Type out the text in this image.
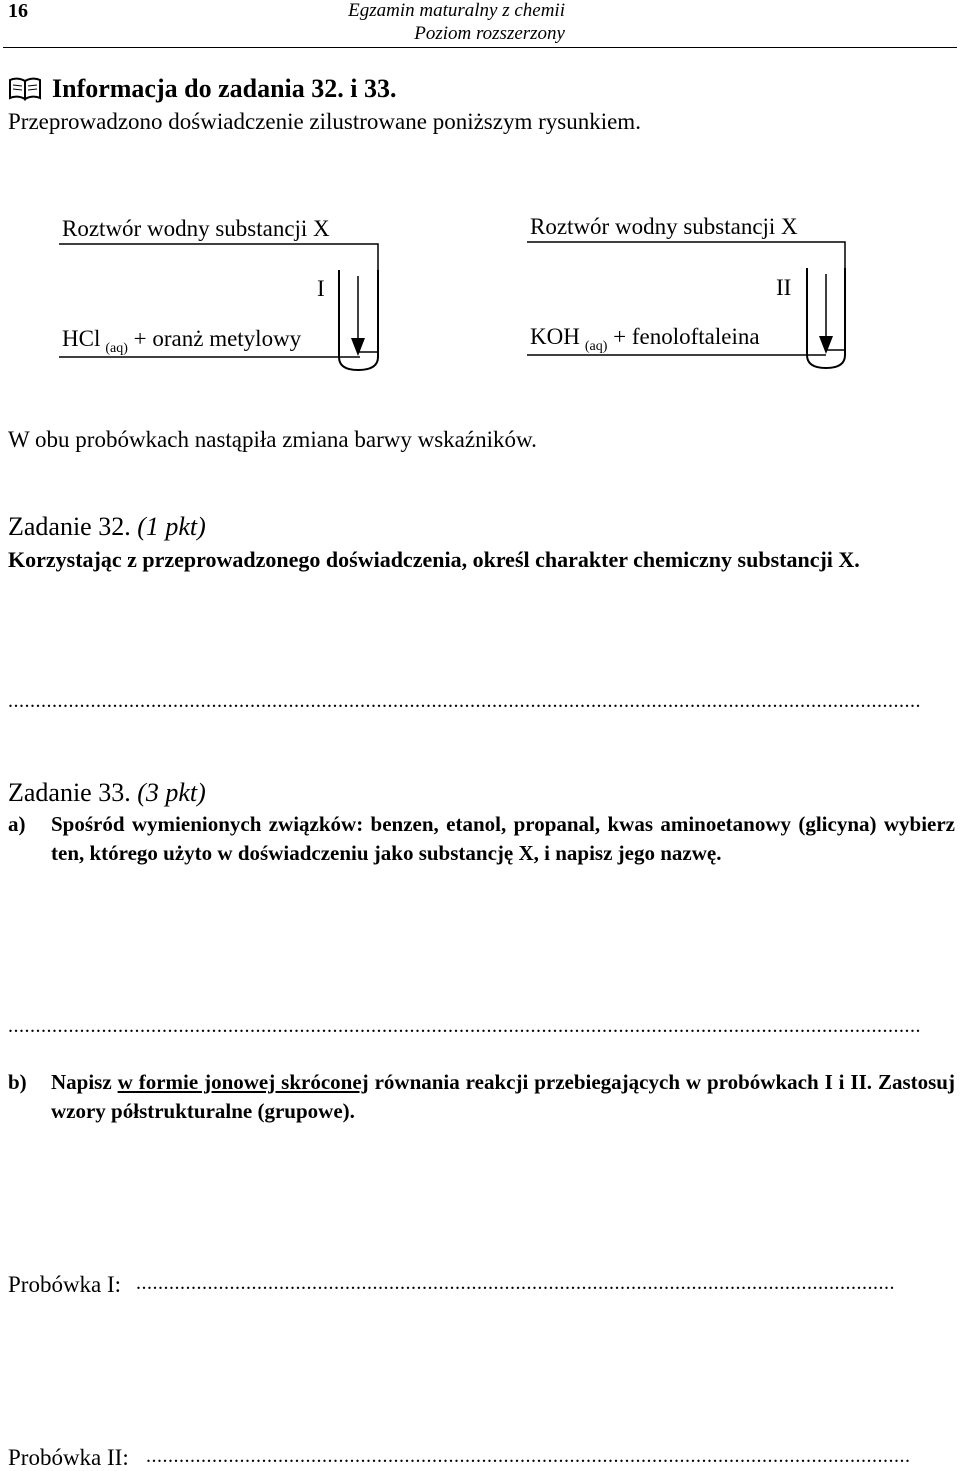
16	Egzamin maturalny z chemii
Poziom rozszerzony
Informacja do zadania 32. i 33.
Przeprowadzono doświadczenie zilustrowane poniższym rysunkiem.
Roztwór wodny substancji X
I
HCl $_{(aq)}$ + oranż metylowy
Roztwór wodny substancji X
II
KOH $_{(aq)}$ + fenoloftaleina
W obu probówkach nastąpiła zmiana barwy wskaźników.
Zadanie 32. (1 pkt)
Korzystając z przeprowadzonego doświadczenia, określ charakter chemiczny substancji X.
......................................................................................................................................................................
Zadanie 33. (3 pkt)
a) Spośród wymienionych związków: benzen, etanol, propanal, kwas aminoetanowy (glicyna) wybierz ten, którego użyto w doświadczeniu jako substancję X, i napisz jego nazwę.
......................................................................................................................................................................
b) Napisz w formie jonowej skróconej równania reakcji przebiegających w probówkach I i II. Zastosuj wzory półstrukturalne (grupowe).
Probówka I: ..........................................................................................................................................
Probówka II: ...........................................................................................................................................
